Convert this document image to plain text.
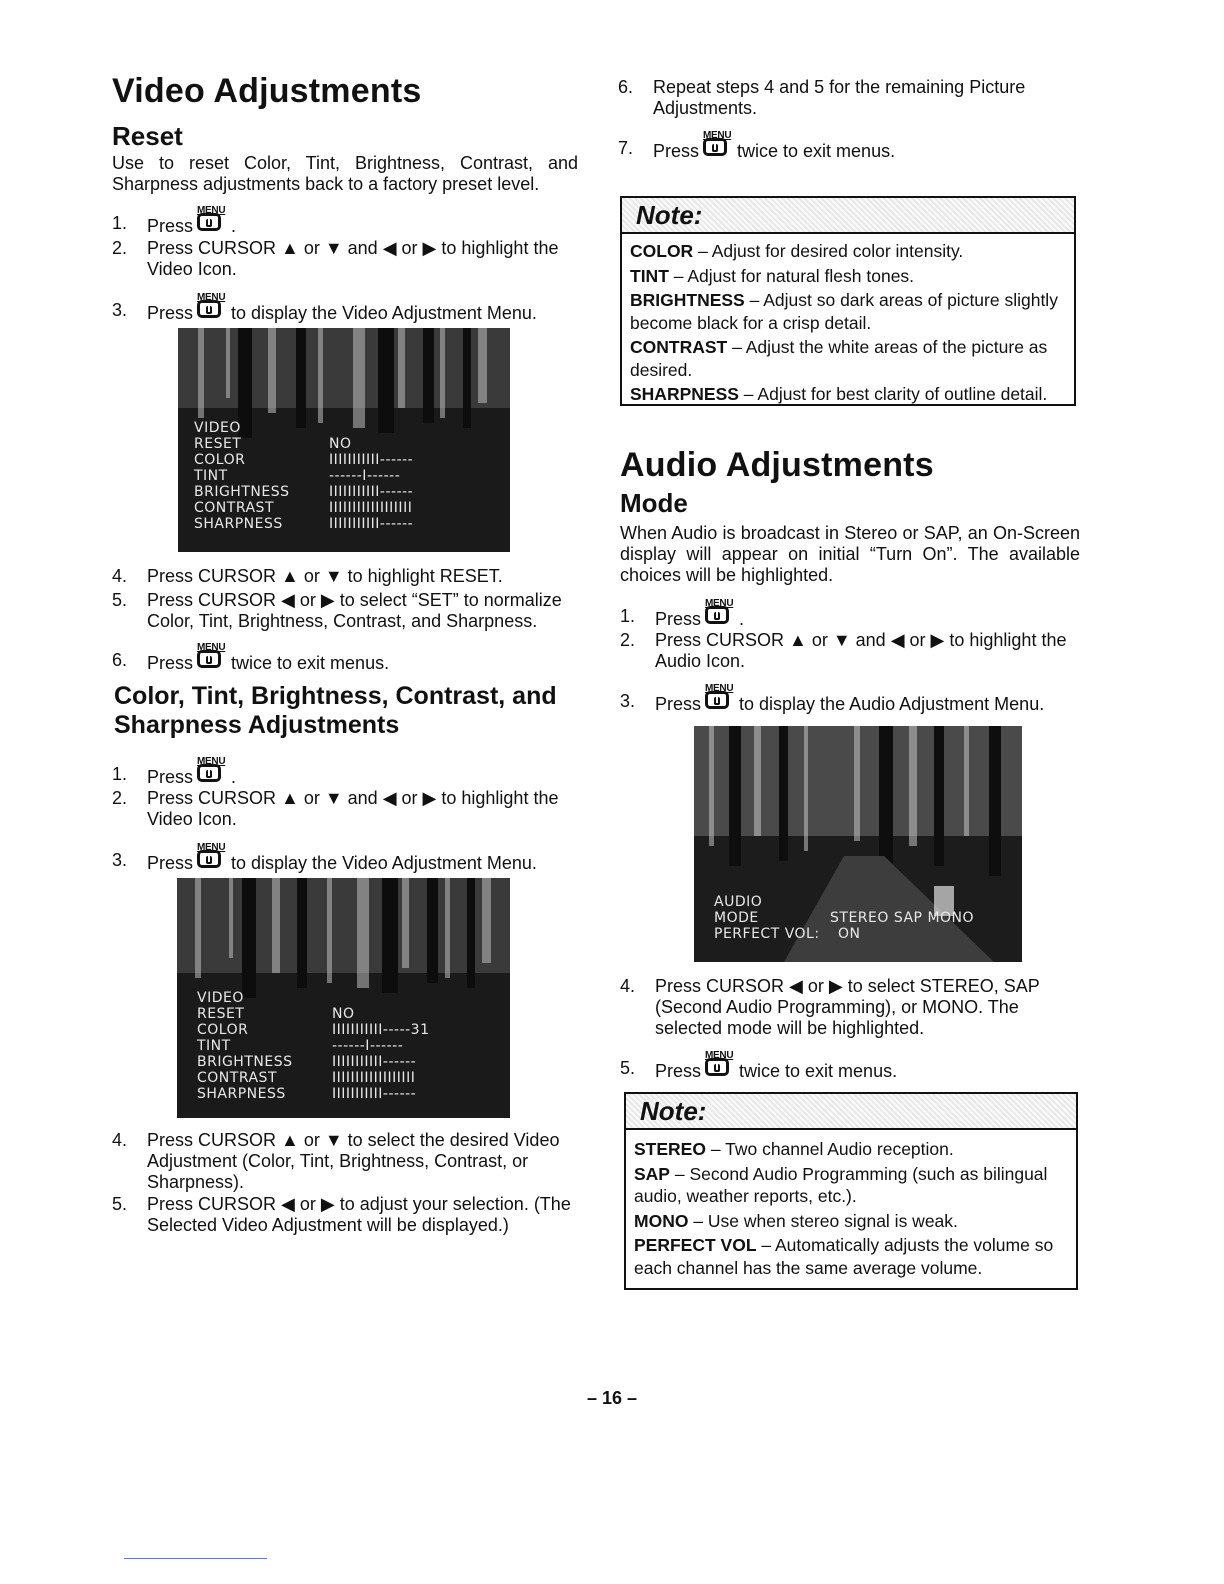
Video Adjustments
Reset
Use to reset Color, Tint, Brightness, Contrast, and Sharpness adjustments back to a factory preset level.
1. Press
MENU
.
2. Press CURSOR ▲ or ▼ and ◀ or ▶ to highlight the Video Icon.
3. Press
MENU
to display the Video Adjustment Menu.
VIDEO
RESET	NO
COLOR	IIIIIIIIIII------
TINT	------I------
BRIGHTNESS	IIIIIIIIIII------
CONTRAST	IIIIIIIIIIIIIIIIII
SHARPNESS	IIIIIIIIIII------
4. Press CURSOR ▲ or ▼ to highlight RESET.
5. Press CURSOR ◀ or ▶ to select “SET” to normalize Color, Tint, Brightness, Contrast, and Sharpness.
6. Press
MENU
twice to exit menus.
Color, Tint, Brightness, Contrast, and Sharpness Adjustments
1. Press
MENU
.
2. Press CURSOR ▲ or ▼ and ◀ or ▶ to highlight the Video Icon.
3. Press
MENU
to display the Video Adjustment Menu.
VIDEO
RESET	NO
COLOR	IIIIIIIIIII-----31
TINT	------I------
BRIGHTNESS	IIIIIIIIIII------
CONTRAST	IIIIIIIIIIIIIIIIII
SHARPNESS	IIIIIIIIIII------
4. Press CURSOR ▲ or ▼ to select the desired Video Adjustment (Color, Tint, Brightness, Contrast, or Sharpness).
5. Press CURSOR ◀ or ▶ to adjust your selection. (The Selected Video Adjustment will be displayed.)
6. Repeat steps 4 and 5 for the remaining Picture Adjustments.
7. Press
MENU
twice to exit menus.
Note:

COLOR – Adjust for desired color intensity.

TINT – Adjust for natural flesh tones.

BRIGHTNESS – Adjust so dark areas of picture slightly become black for a crisp detail.

CONTRAST – Adjust the white areas of the picture as desired.

SHARPNESS – Adjust for best clarity of outline detail.

Audio Adjustments
Mode
When Audio is broadcast in Stereo or SAP, an On-Screen display will appear on initial “Turn On”. The available choices will be highlighted.
1. Press
MENU
.
2. Press CURSOR ▲ or ▼ and ◀ or ▶ to highlight the Audio Icon.
3. Press
MENU
to display the Audio Adjustment Menu.
AUDIO
MODE	STEREO SAP MONO
PERFECT VOL: ON
4. Press CURSOR ◀ or ▶ to select STEREO, SAP (Second Audio Programming), or MONO. The selected mode will be highlighted.
5. Press
MENU
twice to exit menus.
Note:

STEREO – Two channel Audio reception.

SAP – Second Audio Programming (such as bilingual audio, weather reports, etc.).

MONO – Use when stereo signal is weak.

PERFECT VOL – Automatically adjusts the volume so each channel has the same average volume.

– 16 –
